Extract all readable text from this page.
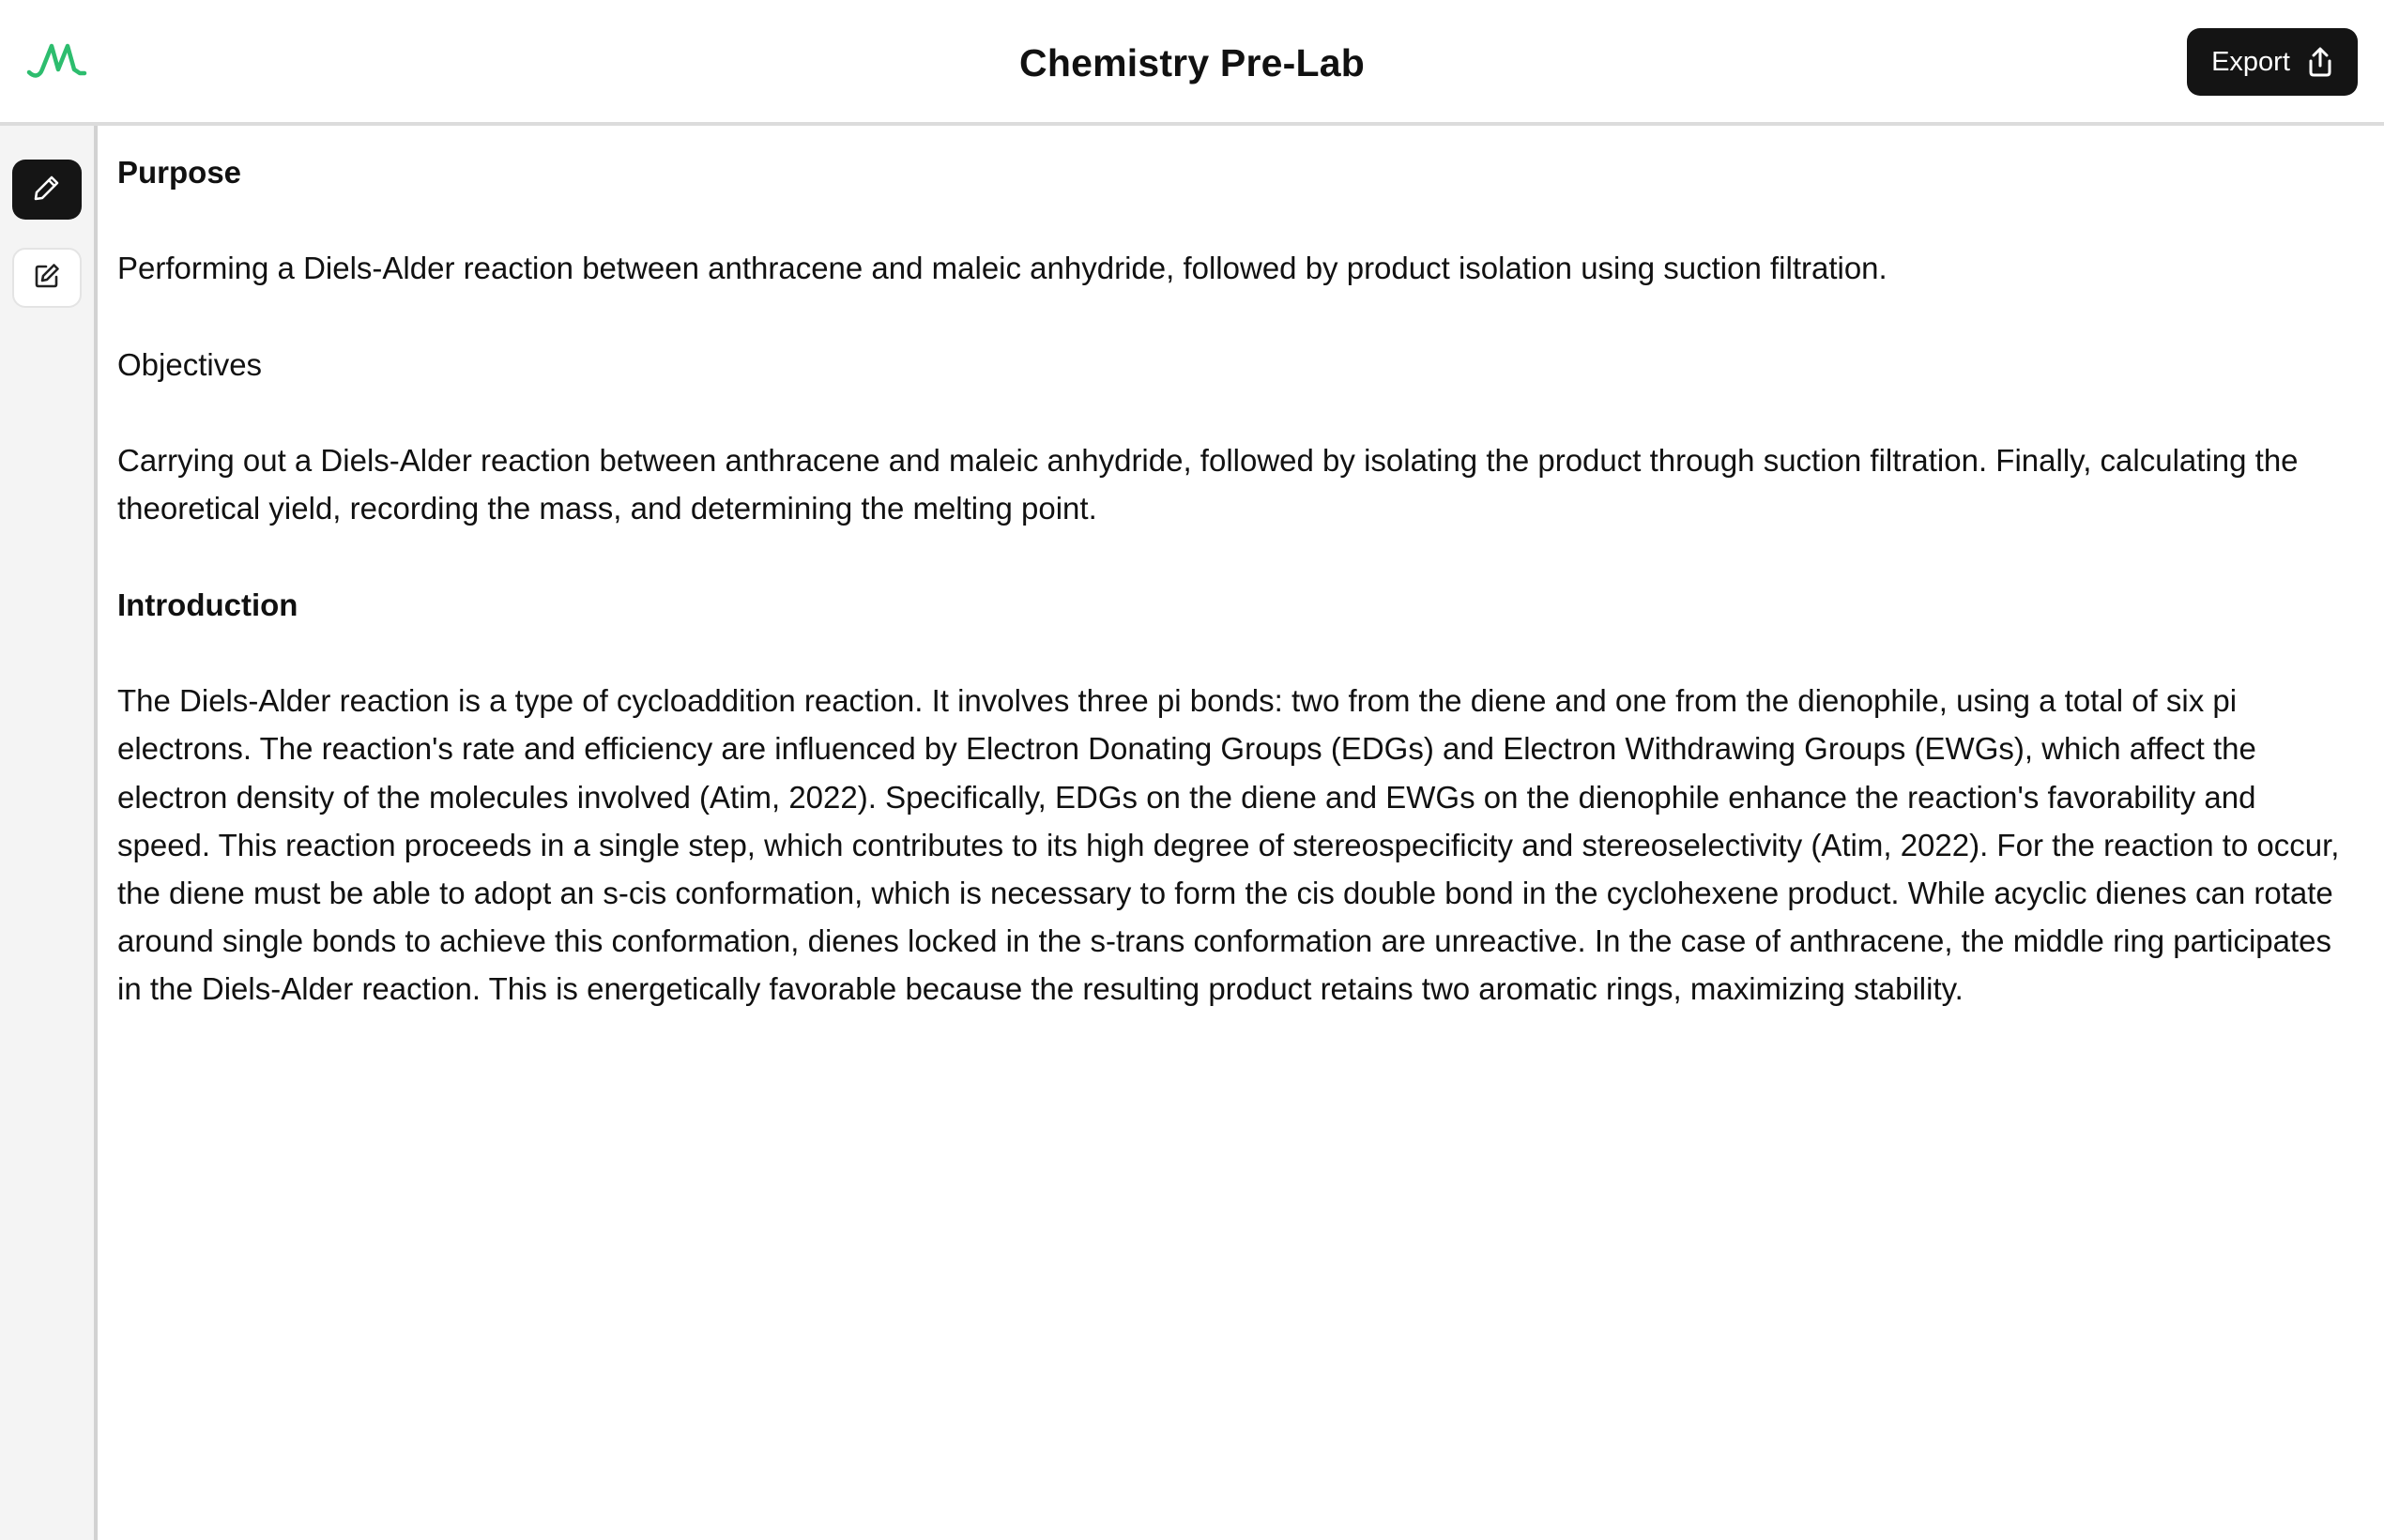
Chemistry Pre-Lab	Export

Purpose

Performing a Diels-Alder reaction between anthracene and maleic anhydride, followed by product isolation using suction filtration.

Objectives

Carrying out a Diels-Alder reaction between anthracene and maleic anhydride, followed by isolating the product through suction filtration. Finally, calculating the theoretical yield, recording the mass, and determining the melting point.

Introduction

The Diels-Alder reaction is a type of cycloaddition reaction. It involves three pi bonds: two from the diene and one from the dienophile, using a total of six pi electrons. The reaction's rate and efficiency are influenced by Electron Donating Groups (EDGs) and Electron Withdrawing Groups (EWGs), which affect the electron density of the molecules involved (Atim, 2022). Specifically, EDGs on the diene and EWGs on the dienophile enhance the reaction's favorability and speed. This reaction proceeds in a single step, which contributes to its high degree of stereospecificity and stereoselectivity (Atim, 2022). For the reaction to occur, the diene must be able to adopt an s-cis conformation, which is necessary to form the cis double bond in the cyclohexene product. While acyclic dienes can rotate around single bonds to achieve this conformation, dienes locked in the s-trans conformation are unreactive. In the case of anthracene, the middle ring participates in the Diels-Alder reaction. This is energetically favorable because the resulting product retains two aromatic rings, maximizing stability.
